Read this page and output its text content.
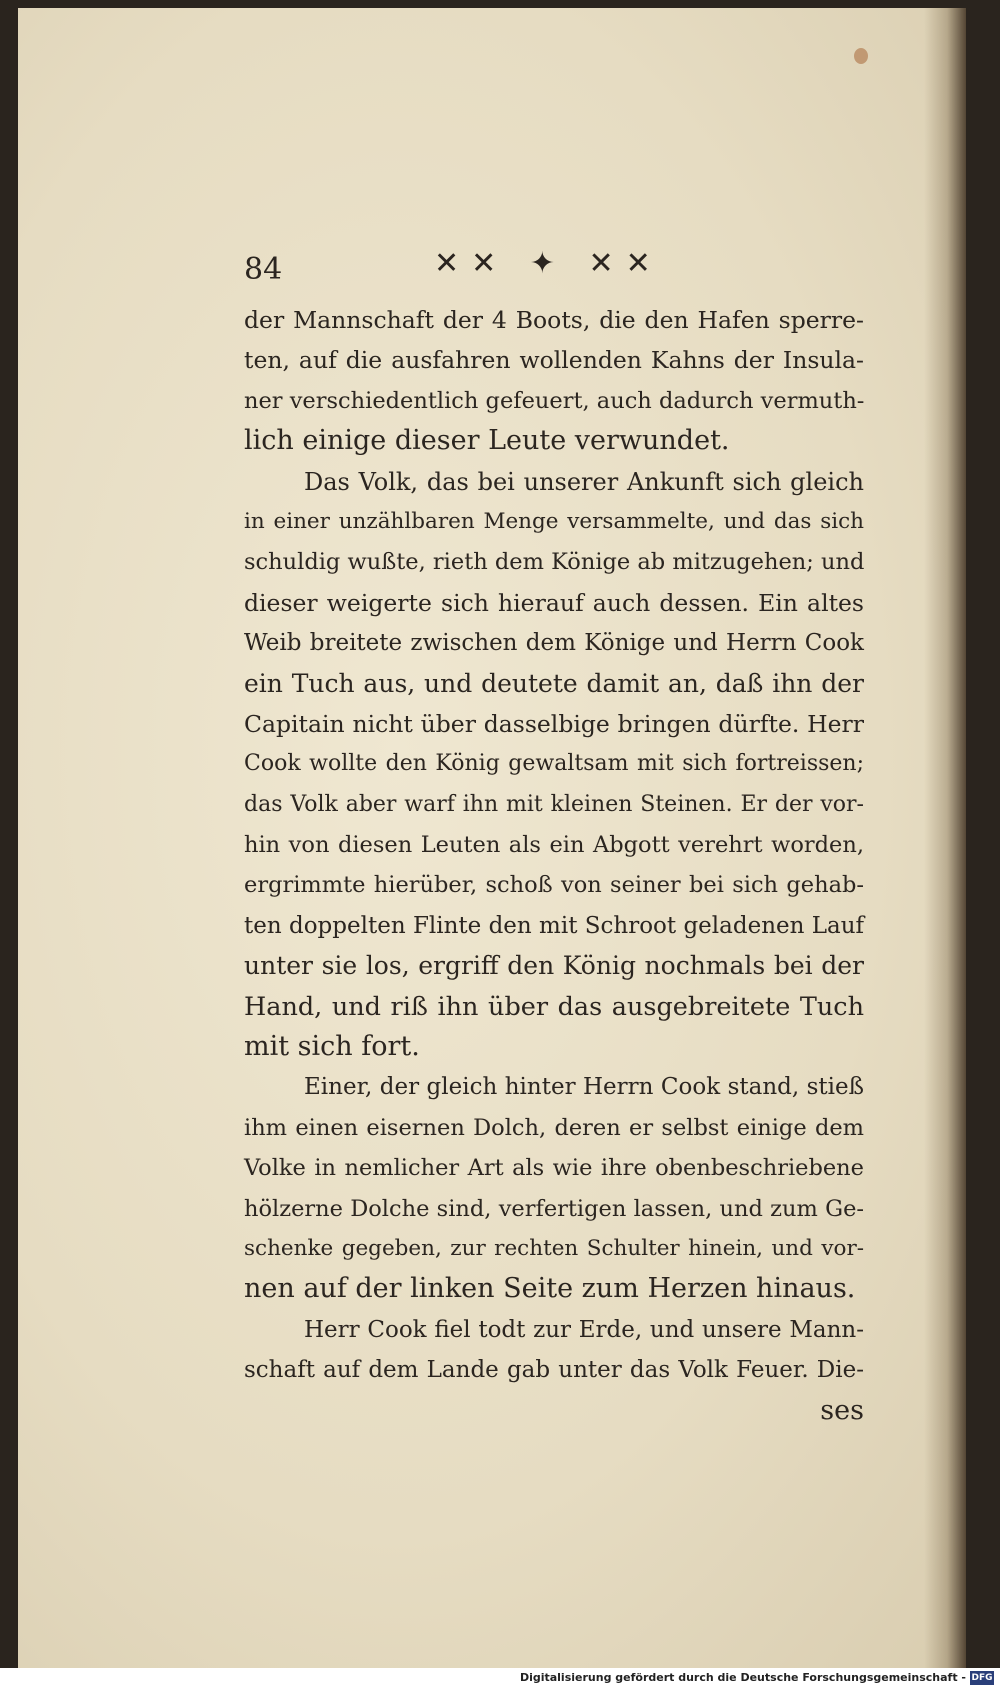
84	✕✕ ✦ ✕✕
der Mannschaft der 4 Boots, die den Hafen sperre-
ten, auf die ausfahren wollenden Kahns der Insula-
ner verschiedentlich gefeuert, auch dadurch vermuth-
lich einige dieser Leute verwundet.
Das Volk, das bei unserer Ankunft sich gleich
in einer unzählbaren Menge versammelte, und das sich
schuldig wußte, rieth dem Könige ab mitzugehen; und
dieser weigerte sich hierauf auch dessen. Ein altes
Weib breitete zwischen dem Könige und Herrn Cook
ein Tuch aus, und deutete damit an, daß ihn der
Capitain nicht über dasselbige bringen dürfte. Herr
Cook wollte den König gewaltsam mit sich fortreissen;
das Volk aber warf ihn mit kleinen Steinen. Er der vor-
hin von diesen Leuten als ein Abgott verehrt worden,
ergrimmte hierüber, schoß von seiner bei sich gehab-
ten doppelten Flinte den mit Schroot geladenen Lauf
unter sie los, ergriff den König nochmals bei der
Hand, und riß ihn über das ausgebreitete Tuch
mit sich fort.
Einer, der gleich hinter Herrn Cook stand, stieß
ihm einen eisernen Dolch, deren er selbst einige dem
Volke in nemlicher Art als wie ihre obenbeschriebene
hölzerne Dolche sind, verfertigen lassen, und zum Ge-
schenke gegeben, zur rechten Schulter hinein, und vor-
nen auf der linken Seite zum Herzen hinaus.
Herr Cook fiel todt zur Erde, und unsere Mann-
schaft auf dem Lande gab unter das Volk Feuer. Die-
ses
Digitalisierung gefördert durch die Deutsche Forschungsgemeinschaft - DFG
